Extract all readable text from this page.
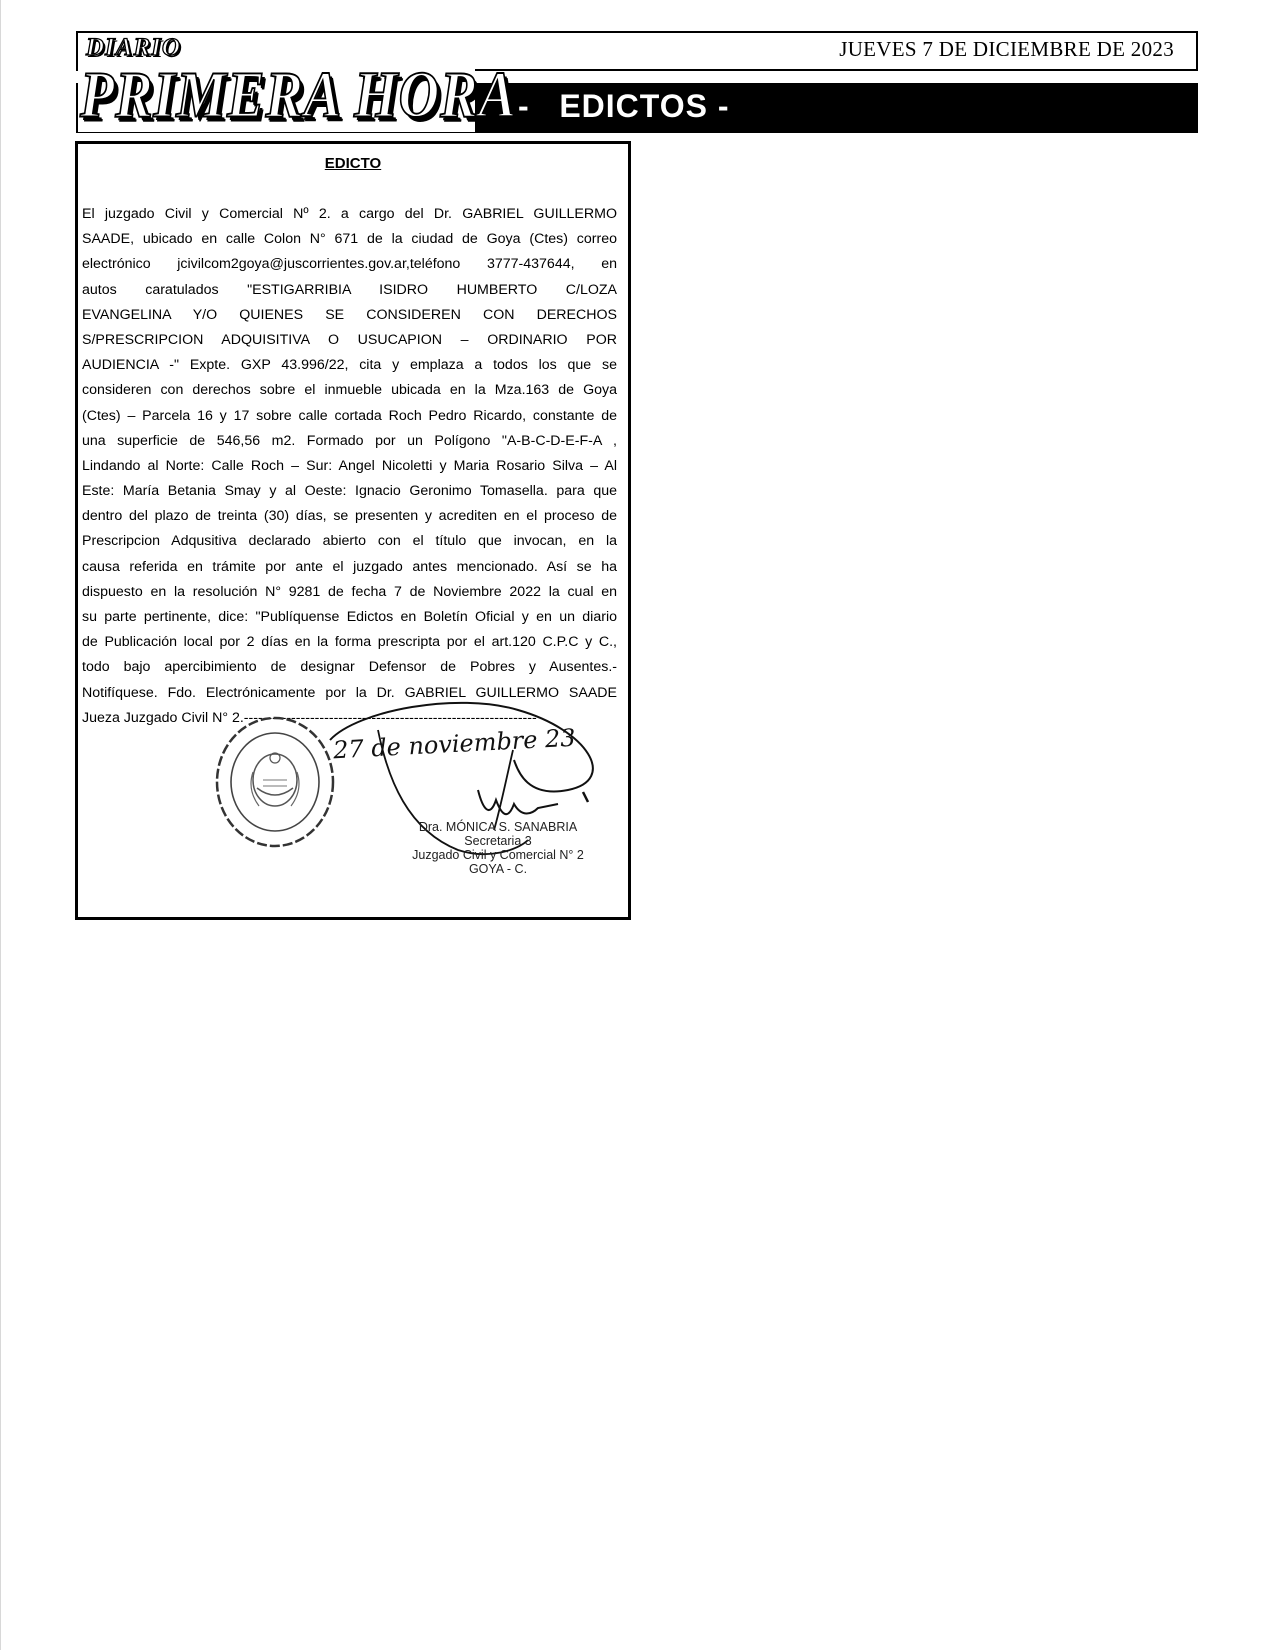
JUEVES 7 DE DICIEMBRE DE 2023
-   EDICTOS -
DIARIO
PRIMERA HORA
EDICTO
El juzgado Civil y Comercial Nº 2. a cargo del Dr. GABRIEL GUILLERMO
SAADE, ubicado en calle Colon N° 671 de la ciudad de Goya (Ctes) correo
electrónico jcivilcom2goya@juscorrientes.gov.ar,teléfono 3777-437644, en
autos caratulados "ESTIGARRIBIA ISIDRO HUMBERTO C/LOZA
EVANGELINA Y/O QUIENES SE CONSIDEREN CON DERECHOS
S/PRESCRIPCION ADQUISITIVA O USUCAPION – ORDINARIO POR
AUDIENCIA -" Expte. GXP 43.996/22, cita y emplaza a todos los que se
consideren con derechos sobre el inmueble ubicada en la Mza.163 de Goya
(Ctes) – Parcela 16 y 17 sobre calle cortada Roch Pedro Ricardo, constante de
una superficie de 546,56 m2. Formado por un Polígono "A-B-C-D-E-F-A ,
Lindando al Norte: Calle Roch – Sur: Angel Nicoletti y Maria Rosario Silva – Al
Este: María Betania Smay y al Oeste: Ignacio Geronimo Tomasella. para que
dentro del plazo de treinta (30) días, se presenten y acrediten en el proceso de
Prescripcion Adqusitiva declarado abierto con el título que invocan, en la
causa referida en trámite por ante el juzgado antes mencionado. Así se ha
dispuesto en la resolución N° 9281 de fecha 7 de Noviembre 2022 la cual en
su parte pertinente, dice: "Publíquense Edictos en Boletín Oficial y en un diario
de Publicación local por 2 días en la forma prescripta por el art.120 C.P.C y C.,
todo bajo apercibimiento de designar Defensor de Pobres y Ausentes.-
Notifíquese. Fdo. Electrónicamente por la Dr. GABRIEL GUILLERMO SAADE
Jueza Juzgado Civil N° 2.--------------------------------------------------------------
27 de noviembre 23
Dra. MÓNICA S. SANABRIA
Secretaria 3
Juzgado Civil y Comercial N° 2
GOYA - C.
